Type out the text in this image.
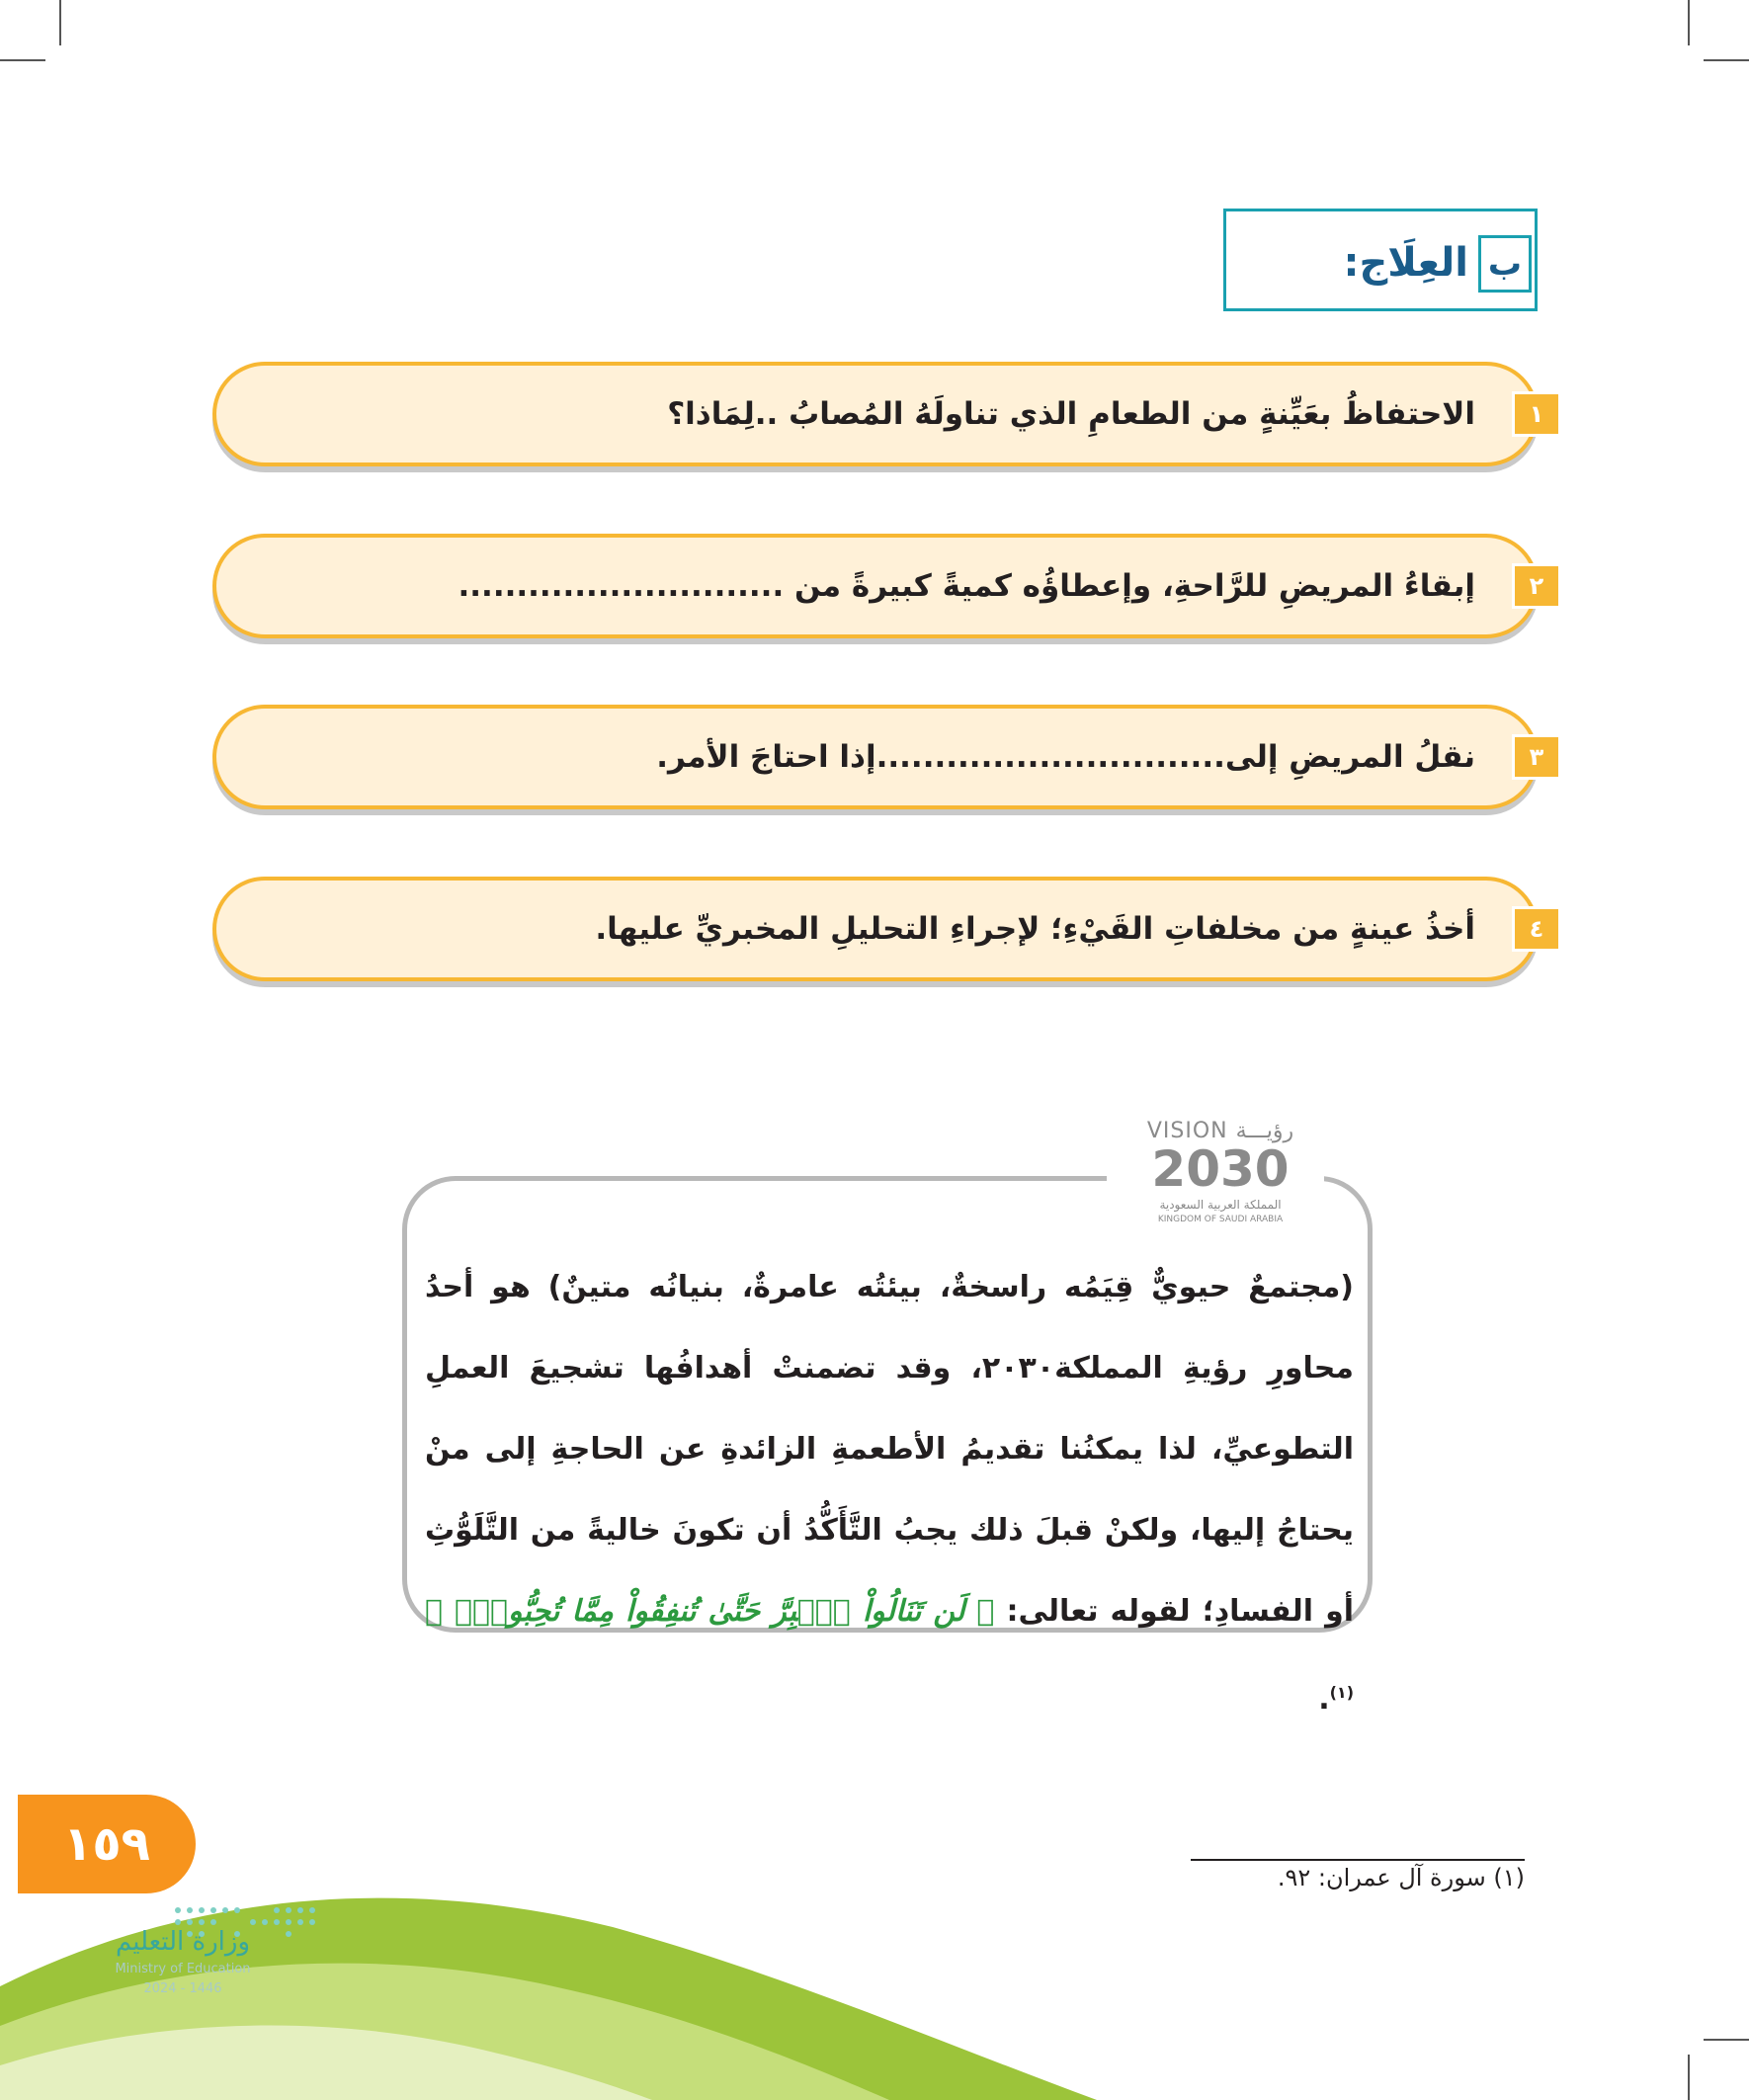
ب
العِلَاج:
الاحتفاظُ بعَيِّنةٍ من الطعامِ الذي تناولَهُ المُصابُ ..لِمَاذا؟	١
إبقاءُ المريضِ للرَّاحةِ، وإعطاؤُه كميةً كبيرةً من ............................	٢
نقلُ المريضِ إلى..............................إذا احتاجَ الأمر.	٣
أخذُ عينةٍ من مخلفاتِ القَيْءِ؛ لإجراءِ التحليلِ المخبريِّ عليها.	٤
VISION رؤيـــة
2030
المملكة العربية السعودية
KINGDOM OF SAUDI ARABIA
(مجتمعٌ حيويٌّ قِيَمُه راسخةٌ، بيئتُه عامرةٌ، بنيانُه متينٌ) هو أحدُ محاورِ رؤيةِ المملكة٢٠٣٠، وقد تضمنتْ أهدافُها تشجيعَ العملِ التطوعيِّ، لذا يمكنُنا تقديمُ الأطعمةِ الزائدةِ عن الحاجةِ إلى منْ يحتاجُ إليها، ولكنْ قبلَ ذلك يجبُ التَّأَكُّدُ أن تكونَ خاليةً من التَّلَوُّثِ أو الفسادِ؛ لقوله تعالى: ﴿ لَن تَنَالُواْ ٱلۡبِرَّ حَتَّىٰ تُنفِقُواْ مِمَّا تُحِبُّونَۚ ﴾$^{(١)}$.
١٥٩
وزارة التعليم
Ministry of Education
2024 - 1446
(١) سورة آل عمران: ٩٢.
